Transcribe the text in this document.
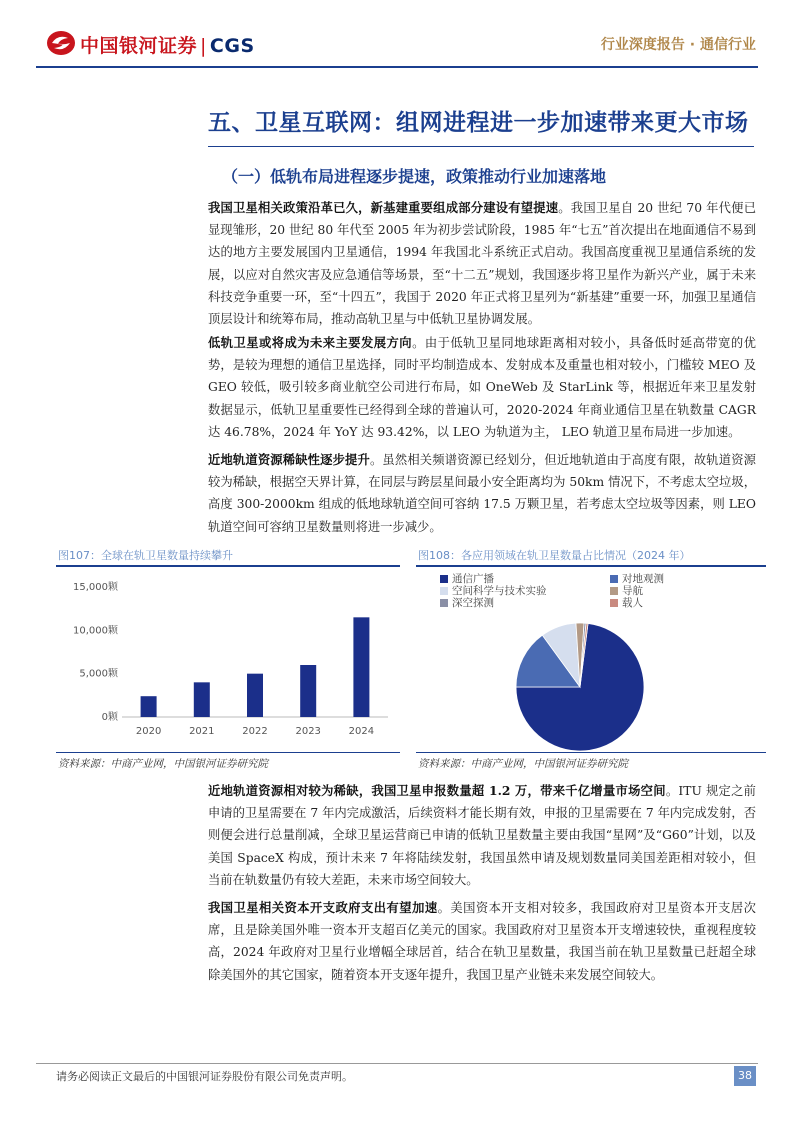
中国银河证券 | CGS	行业深度报告 · 通信行业
五、卫星互联网：组网进程进一步加速带来更大市场
（一）低轨布局进程逐步提速，政策推动行业加速落地
我国卫星相关政策沿革已久，新基建重要组成部分建设有望提速。我国卫星自 20 世纪 70 年代便已显现雏形，20 世纪 80 年代至 2005 年为初步尝试阶段，1985 年“七五”首次提出在地面通信不易到达的地方主要发展国内卫星通信，1994 年我国北斗系统正式启动。我国高度重视卫星通信系统的发展，以应对自然灾害及应急通信等场景，至“十二五”规划，我国逐步将卫星作为新兴产业，属于未来科技竞争重要一环，至“十四五”，我国于 2020 年正式将卫星列为“新基建”重要一环，加强卫星通信顶层设计和统筹布局，推动高轨卫星与中低轨卫星协调发展。
低轨卫星或将成为未来主要发展方向。由于低轨卫星同地球距离相对较小，具备低时延高带宽的优势，是较为理想的通信卫星选择，同时平均制造成本、发射成本及重量也相对较小，门槛较 MEO 及 GEO 较低，吸引较多商业航空公司进行布局，如 OneWeb 及 StarLink 等，根据近年来卫星发射数据显示，低轨卫星重要性已经得到全球的普遍认可，2020-2024 年商业通信卫星在轨数量 CAGR 达 46.78%，2024 年 YoY 达 93.42%，以 LEO 为轨道为主， LEO 轨道卫星布局进一步加速。
近地轨道资源稀缺性逐步提升。虽然相关频谱资源已经划分，但近地轨道由于高度有限，故轨道资源较为稀缺，根据空天界计算，在同层与跨层星间最小安全距离均为 50km 情况下，不考虑太空垃圾，高度 300-2000km 组成的低地球轨道空间可容纳 17.5 万颗卫星，若考虑太空垃圾等因素，则 LEO 轨道空间可容纳卫星数量则将进一步减少。
图107：全球在轨卫星数量持续攀升
0颗
5,000颗
10,000颗
15,000颗
2020	2021	2022	2023	2024
资料来源：中商产业网，中国银河证券研究院
图108：各应用领域在轨卫星数量占比情况（2024 年）
通信广播	对地观测
空间科学与技术实验	导航
深空探测	载人
资料来源：中商产业网，中国银河证券研究院
近地轨道资源相对较为稀缺，我国卫星申报数量超 1.2 万，带来千亿增量市场空间。ITU 规定之前申请的卫星需要在 7 年内完成激活，后续资料才能长期有效，申报的卫星需要在 7 年内完成发射，否则便会进行总量削减，全球卫星运营商已申请的低轨卫星数量主要由我国“星网”及“G60”计划，以及美国 SpaceX 构成，预计未来 7 年将陆续发射，我国虽然申请及规划数量同美国差距相对较小，但当前在轨数量仍有较大差距，未来市场空间较大。
我国卫星相关资本开支政府支出有望加速。美国资本开支相对较多，我国政府对卫星资本开支居次席，且是除美国外唯一资本开支超百亿美元的国家。我国政府对卫星资本开支增速较快，重视程度较高，2024 年政府对卫星行业增幅全球居首，结合在轨卫星数量，我国当前在轨卫星数量已赶超全球除美国外的其它国家，随着资本开支逐年提升，我国卫星产业链未来发展空间较大。
请务必阅读正文最后的中国银河证券股份有限公司免责声明。	38
